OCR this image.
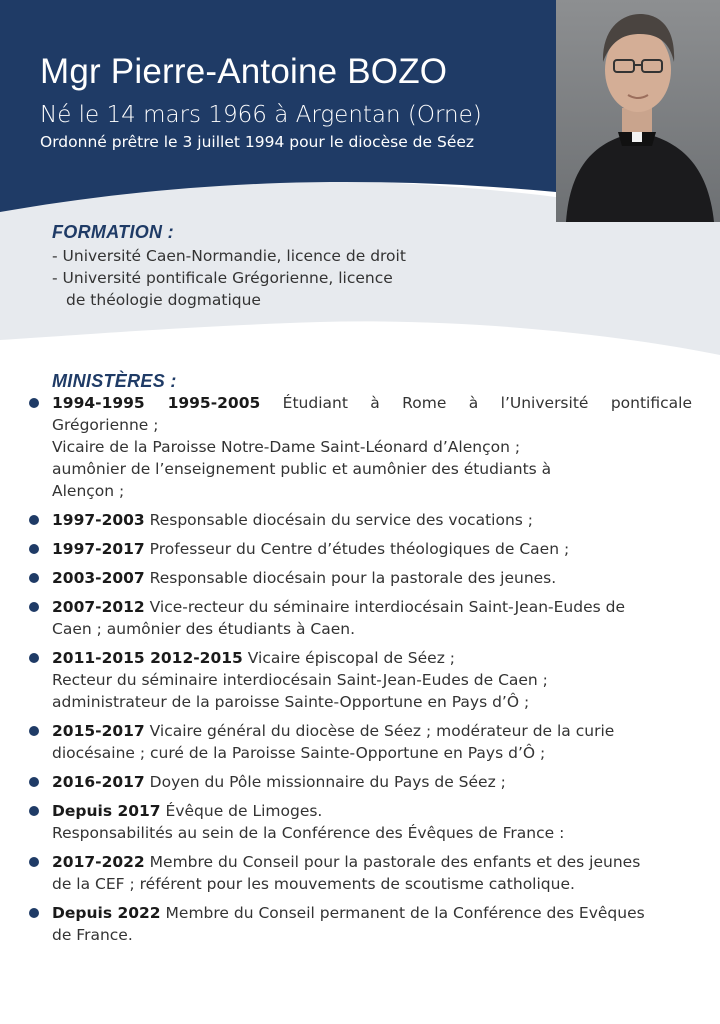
Mgr Pierre-Antoine BOZO
Né le 14 mars 1966 à Argentan (Orne)
Ordonné prêtre le 3 juillet 1994 pour le diocèse de Séez
FORMATION :
- Université Caen-Normandie, licence de droit
- Université pontificale Grégorienne, licence
de théologie dogmatique
MINISTÈRES :
1994-1995 1995-2005 Étudiant à Rome à l’Université pontificale
Grégorienne ;
Vicaire de la Paroisse Notre-Dame Saint-Léonard d’Alençon ;
aumônier de l’enseignement public et aumônier des étudiants à
Alençon ;
1997-2003 Responsable diocésain du service des vocations ;
1997-2017 Professeur du Centre d’études théologiques de Caen ;
2003-2007 Responsable diocésain pour la pastorale des jeunes.
2007-2012 Vice-recteur du séminaire interdiocésain Saint-Jean-Eudes de
Caen ; aumônier des étudiants à Caen.
2011-2015 2012-2015 Vicaire épiscopal de Séez ;
Recteur du séminaire interdiocésain Saint-Jean-Eudes de Caen ;
administrateur de la paroisse Sainte-Opportune en Pays d’Ô ;
2015-2017 Vicaire général du diocèse de Séez ; modérateur de la curie
diocésaine ; curé de la Paroisse Sainte-Opportune en Pays d’Ô ;
2016-2017 Doyen du Pôle missionnaire du Pays de Séez ;
Depuis 2017 Évêque de Limoges.
Responsabilités au sein de la Conférence des Évêques de France :
2017-2022 Membre du Conseil pour la pastorale des enfants et des jeunes
de la CEF ; référent pour les mouvements de scoutisme catholique.
Depuis 2022 Membre du Conseil permanent de la Conférence des Evêques
de France.
